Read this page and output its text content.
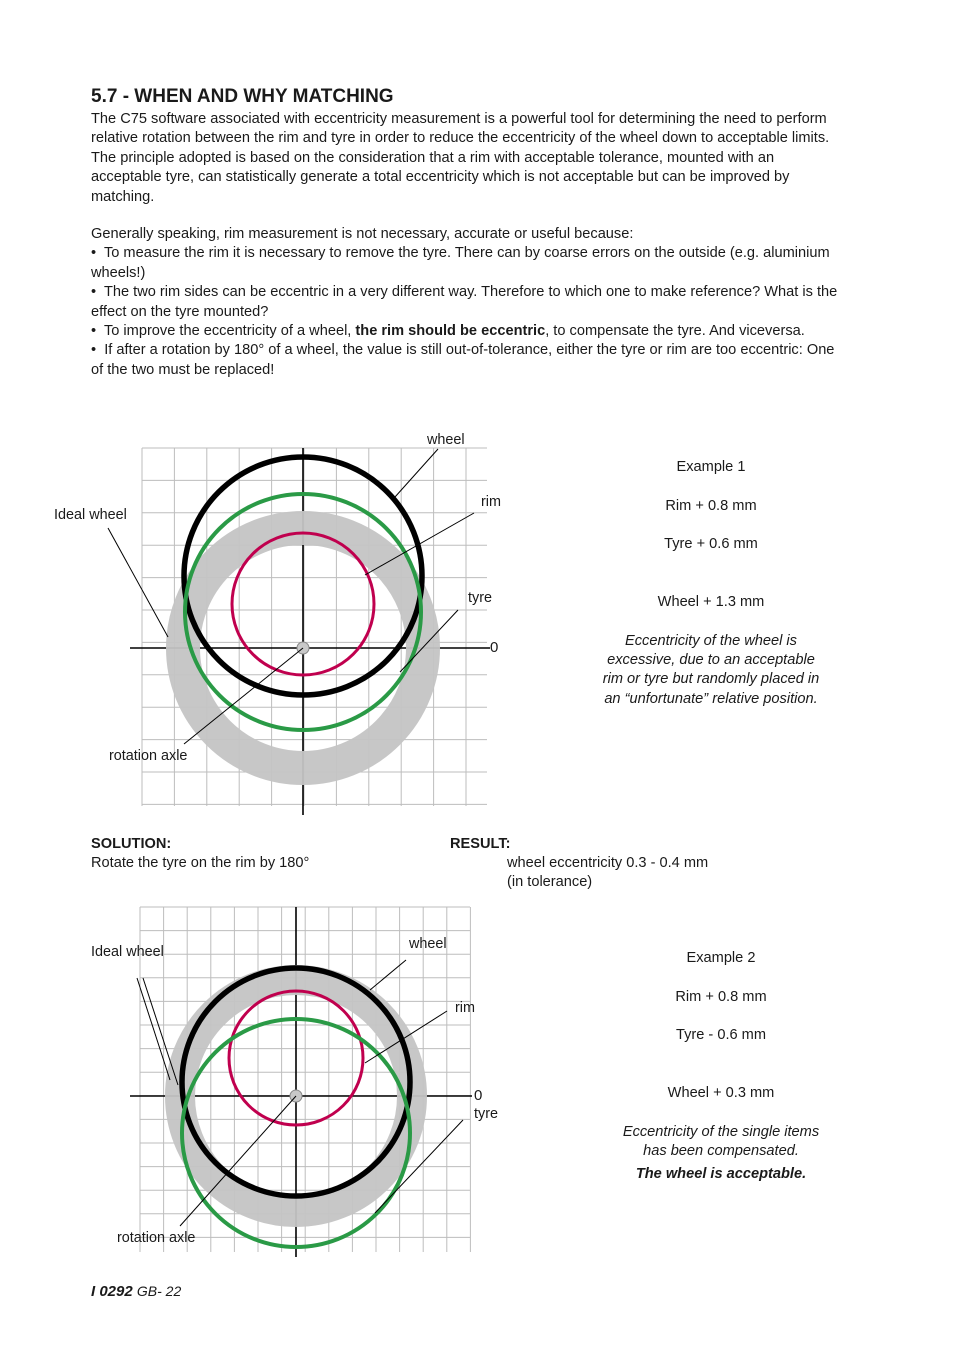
5.7 - WHEN AND WHY MATCHING

The C75 software associated with eccentricity measurement is a powerful tool for determining the need to perform relative rotation between the rim and tyre in order to reduce the eccentricity of the wheel down to acceptable limits. The principle adopted is based on the consideration that a rim with acceptable tolerance, mounted with an acceptable tyre, can statistically generate a total eccentricity which is not acceptable but can be improved by matching.

Generally speaking, rim measurement is not necessary, accurate or useful because:
• To measure the rim it is necessary to remove the tyre. There can by coarse errors on the outside (e.g. aluminium wheels!)
• The two rim sides can be eccentric in a very different way. Therefore to which one to make reference? What is the effect on the tyre mounted?
• To improve the eccentricity of a wheel, the rim should be eccentric, to compensate the tyre. And viceversa.
• If after a rotation by 180° of a wheel, the value is still out-of-tolerance, either the tyre or rim are too eccentric: One of the two must be replaced!
wheel
rim
Ideal wheel
tyre
0
rotation axle
Ideal wheel	wheel
rim
0
tyre
rotation axle
Example 1
Rim + 0.8 mm
Tyre + 0.6 mm
Wheel + 1.3 mm
Eccentricity of the wheel is
excessive, due to an acceptable
rim or tyre but randomly placed in
an “unfortunate” relative position.
SOLUTION:
Rotate the tyre on the rim by 180°
RESULT:
wheel eccentricity 0.3 - 0.4 mm
(in tolerance)
Example 2
Rim + 0.8 mm
Tyre - 0.6 mm
Wheel + 0.3 mm
Eccentricity of the single items
has been compensated.
The wheel is acceptable.
I 0292 GB- 22
